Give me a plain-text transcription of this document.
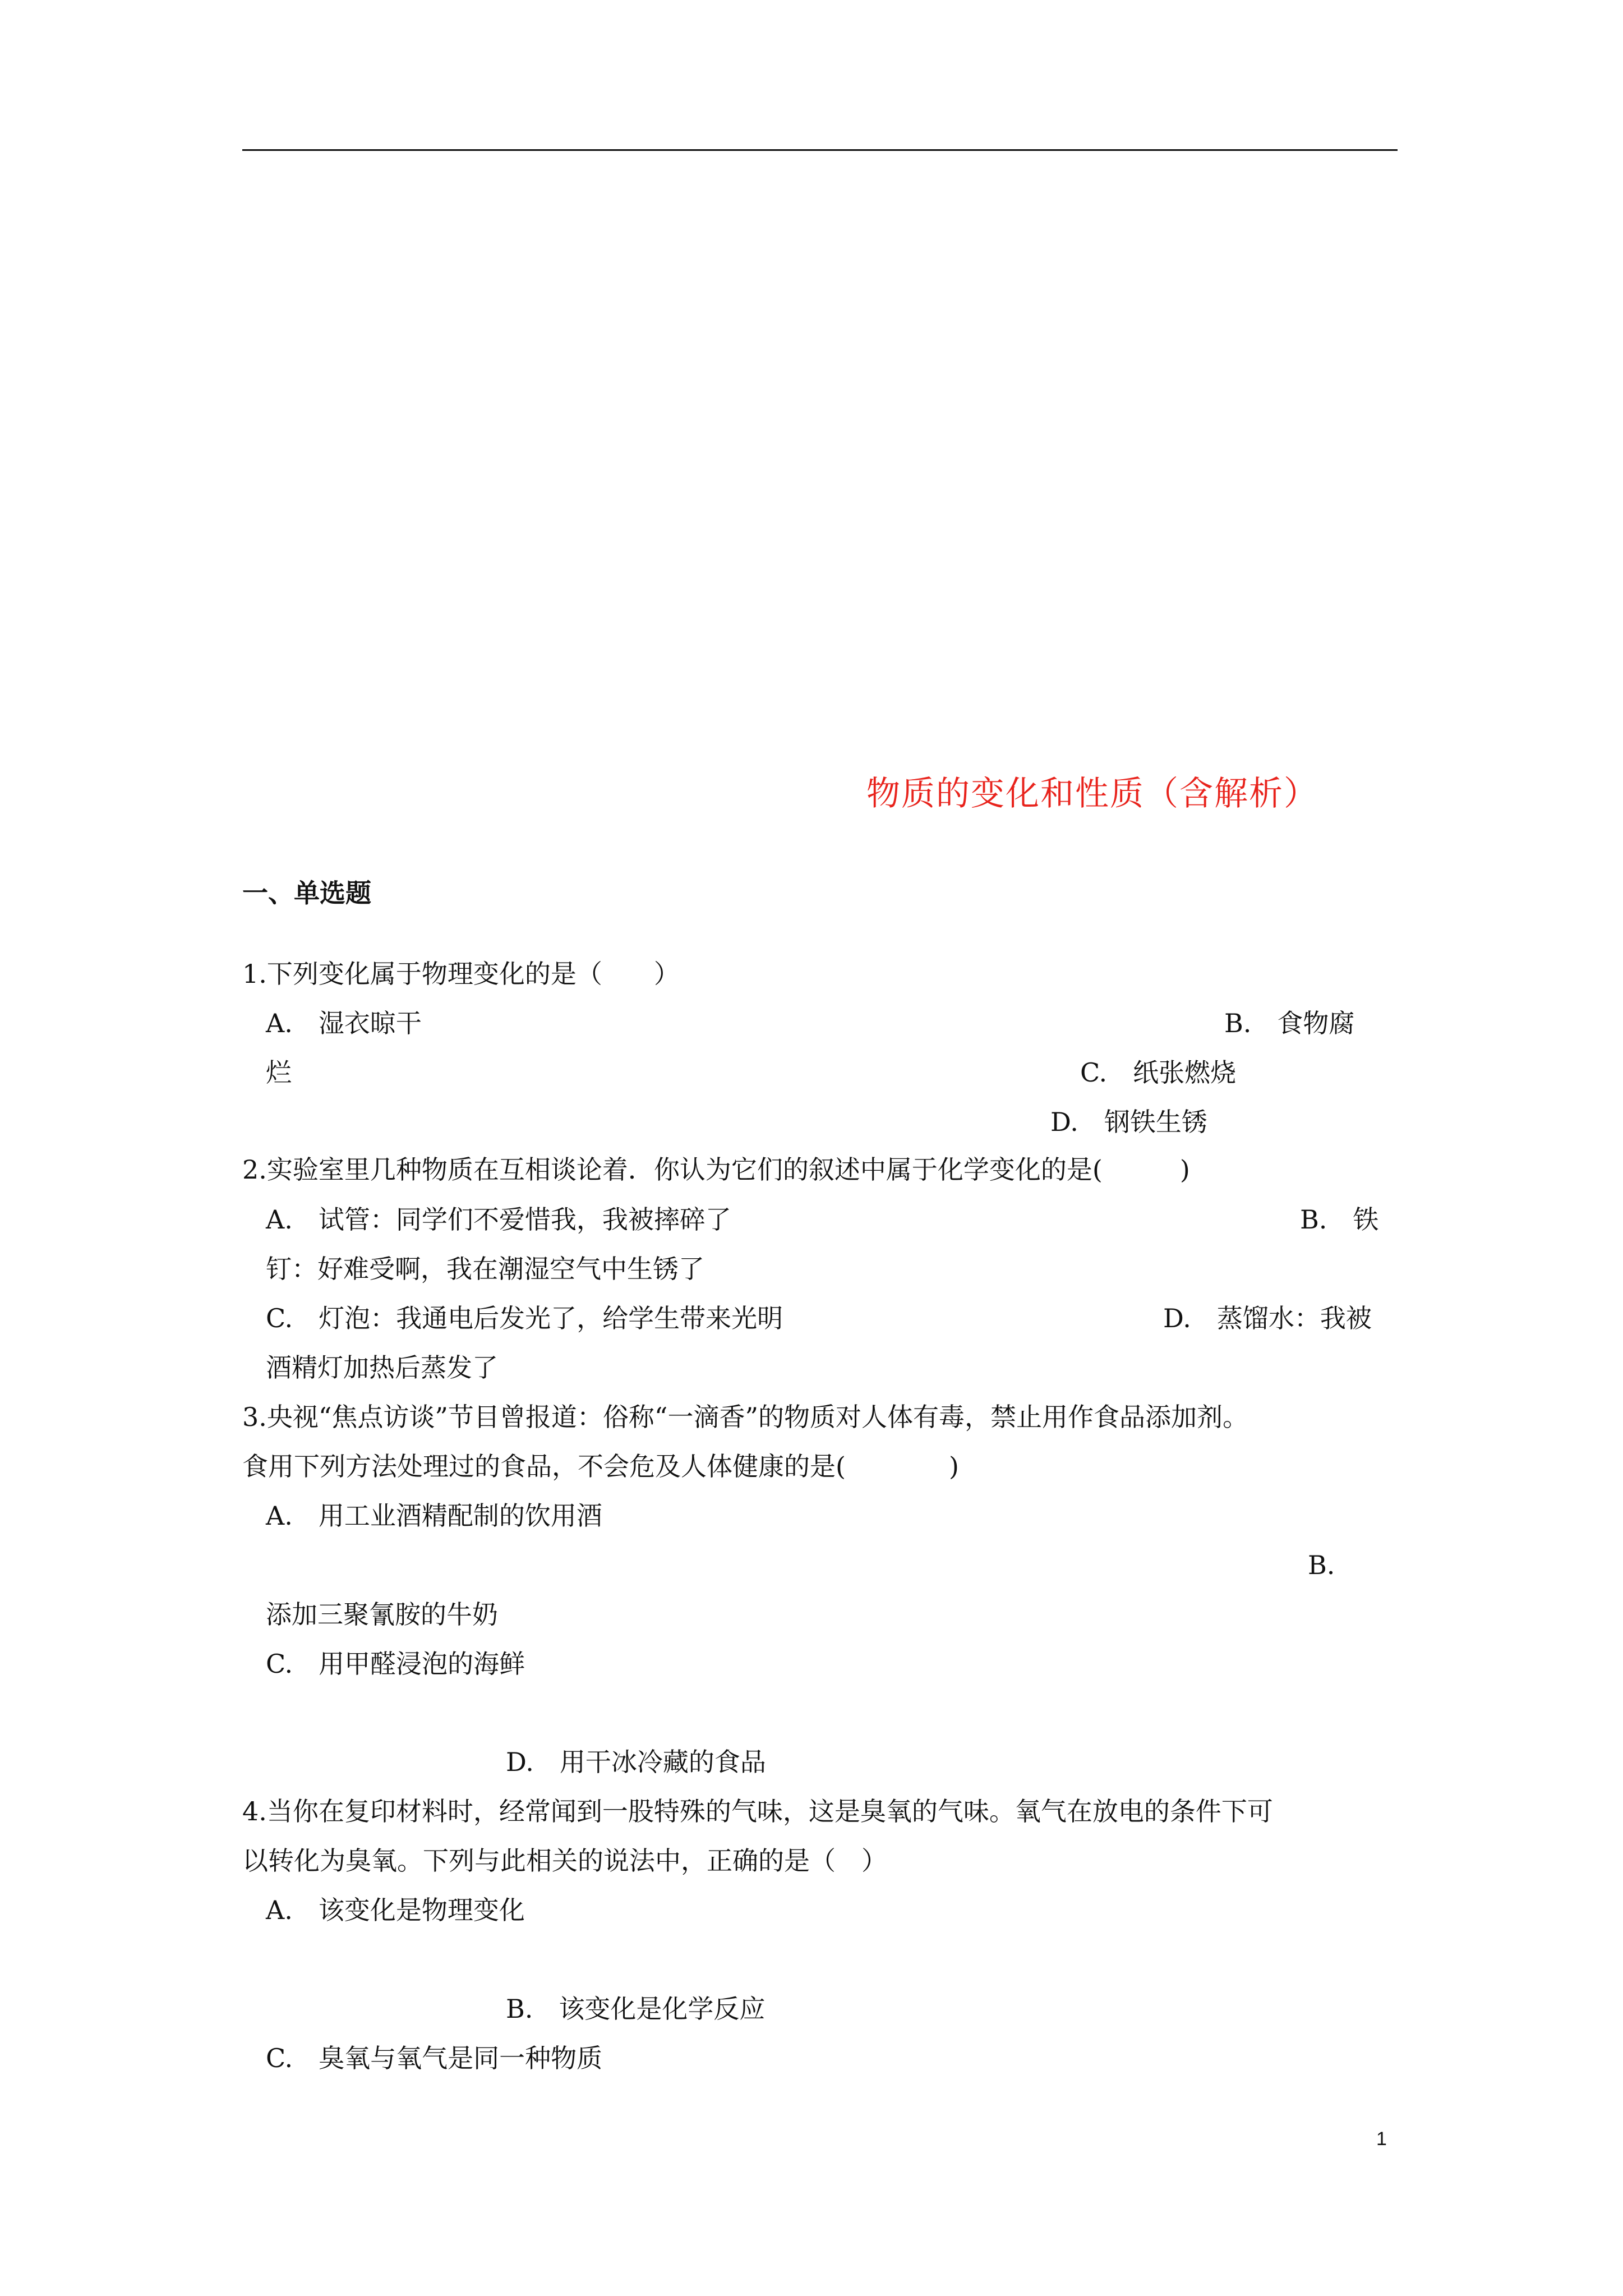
物质的变化和性质（含解析）
一、单选题
1.下列变化属于物理变化的是（　　）
A.　湿衣晾干	B.　食物腐
烂	C.　纸张燃烧
D.　钢铁生锈
2.实验室里几种物质在互相谈论着．你认为它们的叙述中属于化学变化的是(　　　)
A.　试管：同学们不爱惜我，我被摔碎了	B.　铁
钉：好难受啊，我在潮湿空气中生锈了
C.　灯泡：我通电后发光了，给学生带来光明	D.　蒸馏水：我被
酒精灯加热后蒸发了
3.央视“焦点访谈”节目曾报道：俗称“一滴香”的物质对人体有毒，禁止用作食品添加剂。
食用下列方法处理过的食品，不会危及人体健康的是(　　　　)
A.　用工业酒精配制的饮用酒
B.
添加三聚氰胺的牛奶
C.　用甲醛浸泡的海鲜
D.　用干冰冷藏的食品
4.当你在复印材料时，经常闻到一股特殊的气味，这是臭氧的气味。氧气在放电的条件下可
以转化为臭氧。下列与此相关的说法中，正确的是（　）
A.　该变化是物理变化
B.　该变化是化学反应
C.　臭氧与氧气是同一种物质
1
